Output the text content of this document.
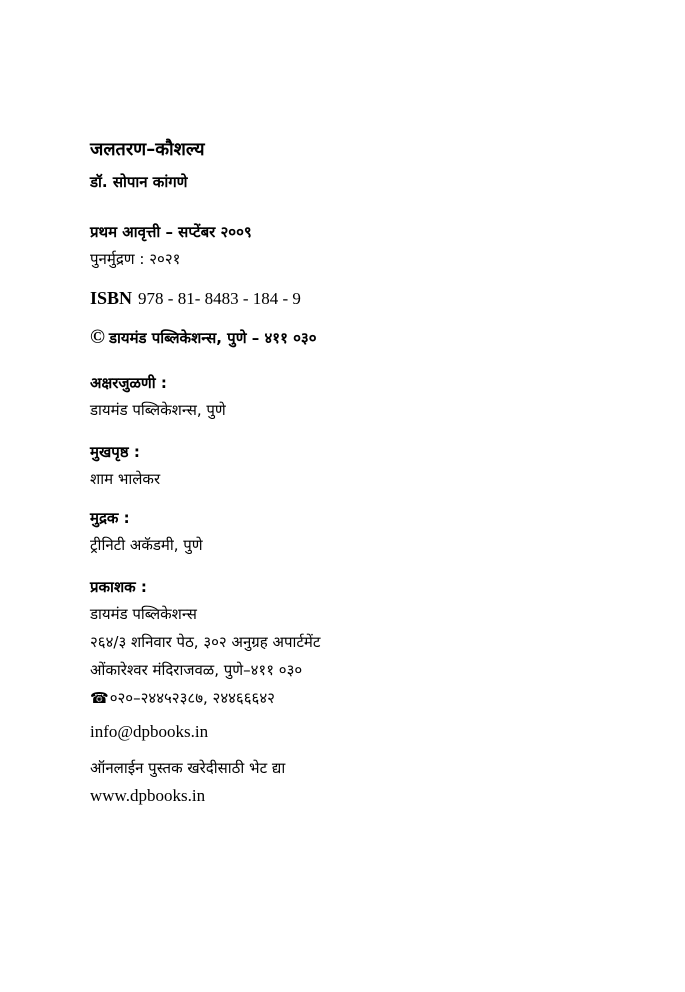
जलतरण–कौशल्य
डॉ. सोपान कांगणे
प्रथम आवृत्ती – सप्टेंबर २००९
पुनर्मुद्रण : २०२१
ISBN 978 - 81- 8483 - 184 - 9
© डायमंड पब्लिकेशन्स, पुणे – ४११ ०३०
अक्षरजुळणी :
डायमंड पब्लिकेशन्स, पुणे
मुखपृष्ठ :
शाम भालेकर
मुद्रक :
ट्रीनिटी अकॅडमी, पुणे
प्रकाशक :
डायमंड पब्लिकेशन्स
२६४/३ शनिवार पेठ, ३०२ अनुग्रह अपार्टमेंट
ओंकारेश्वर मंदिराजवळ, पुणे–४११ ०३०
☎०२०–२४४५२३८७, २४४६६६४२
info@dpbooks.in
ऑनलाईन पुस्तक खरेदीसाठी भेट द्या
www.dpbooks.in
